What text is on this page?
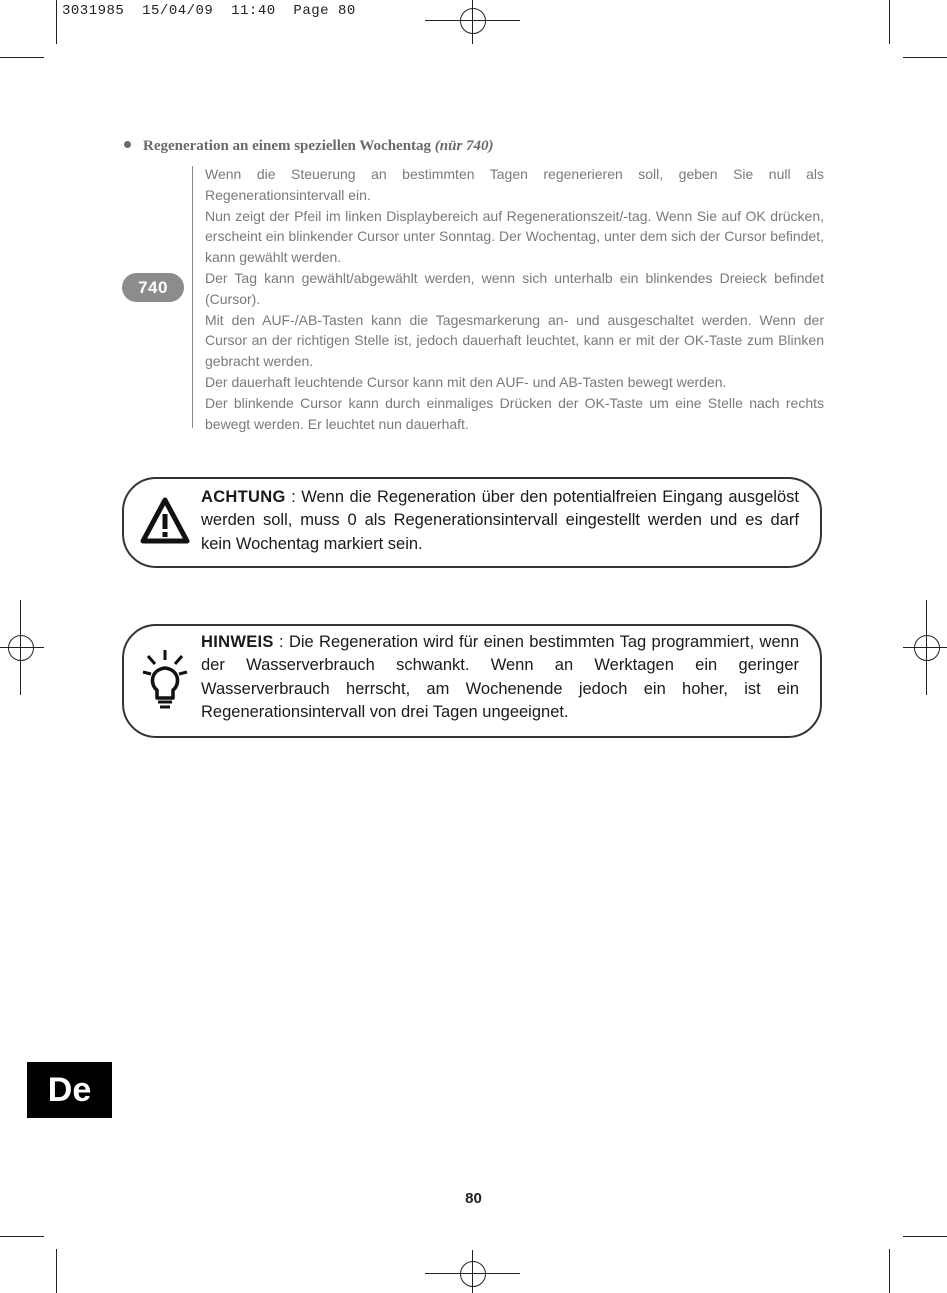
3031985  15/04/09  11:40  Page 80
Regeneration an einem speziellen Wochentag (nür 740)
740

Wenn die Steuerung an bestimmten Tagen regenerieren soll, geben Sie null als Regenerationsintervall ein.

Nun zeigt der Pfeil im linken Displaybereich auf Regenerationszeit/-tag. Wenn Sie auf OK drücken, erscheint ein blinkender Cursor unter Sonntag. Der Wochentag, unter dem sich der Cursor befindet, kann gewählt werden.

Der Tag kann gewählt/abgewählt werden, wenn sich unterhalb ein blinkendes Dreieck befindet (Cursor).

Mit den AUF-/AB-Tasten kann die Tagesmarkerung an- und ausgeschaltet werden. Wenn der Cursor an der richtigen Stelle ist, jedoch dauerhaft leuchtet, kann er mit der OK-Taste zum Blinken gebracht werden.

Der dauerhaft leuchtende Cursor kann mit den AUF- und AB-Tasten bewegt werden.

Der blinkende Cursor kann durch einmaliges Drücken der OK-Taste um eine Stelle nach rechts bewegt werden. Er leuchtet nun dauerhaft.

ACHTUNG : Wenn die Regeneration über den potentialfreien Eingang ausgelöst werden soll, muss 0 als Regenerationsintervall eingestellt werden und es darf kein Wochentag markiert sein.
HINWEIS : Die Regeneration wird für einen bestimmten Tag programmiert, wenn der Wasserverbrauch schwankt. Wenn an Werktagen ein geringer Wasserverbrauch herrscht, am Wochenende jedoch ein hoher, ist ein Regenerationsintervall von drei Tagen ungeeignet.
De
80
